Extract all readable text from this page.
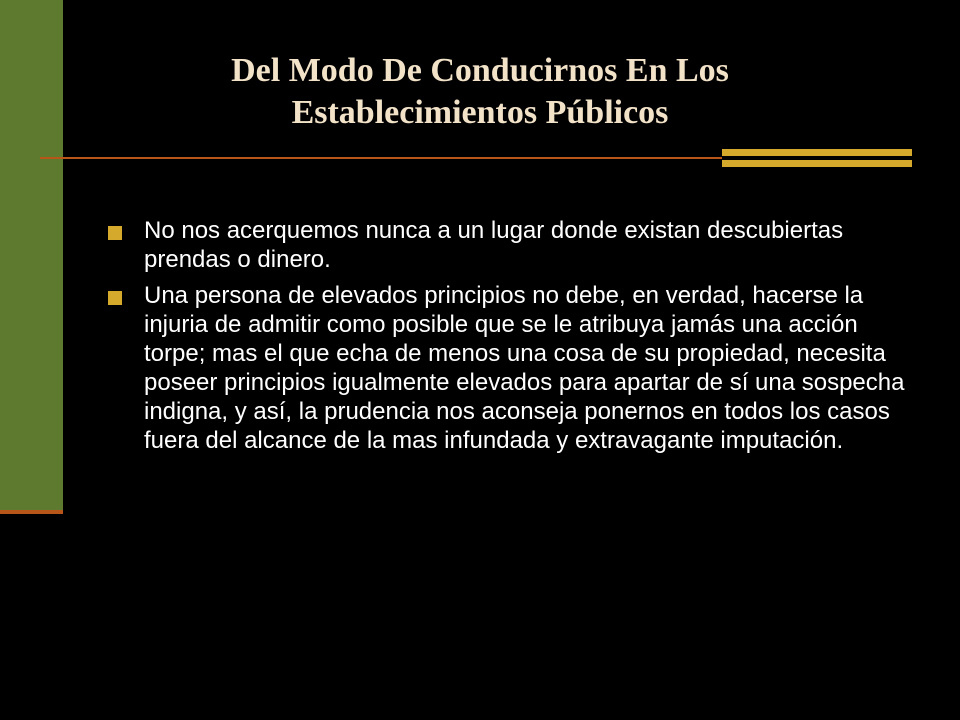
Del Modo De Conducirnos En Los
Establecimientos Públicos
No nos acerquemos nunca a un lugar donde existan descubiertas prendas o dinero.
Una persona de elevados principios no debe, en verdad, hacerse la injuria de admitir como posible que se le atribuya jamás una acción torpe; mas el que echa de menos una cosa de su propiedad, necesita poseer principios igualmente elevados para apartar de sí una sospecha indigna, y así, la prudencia nos aconseja ponernos en todos los casos fuera del alcance de la mas infundada y extravagante imputación.
